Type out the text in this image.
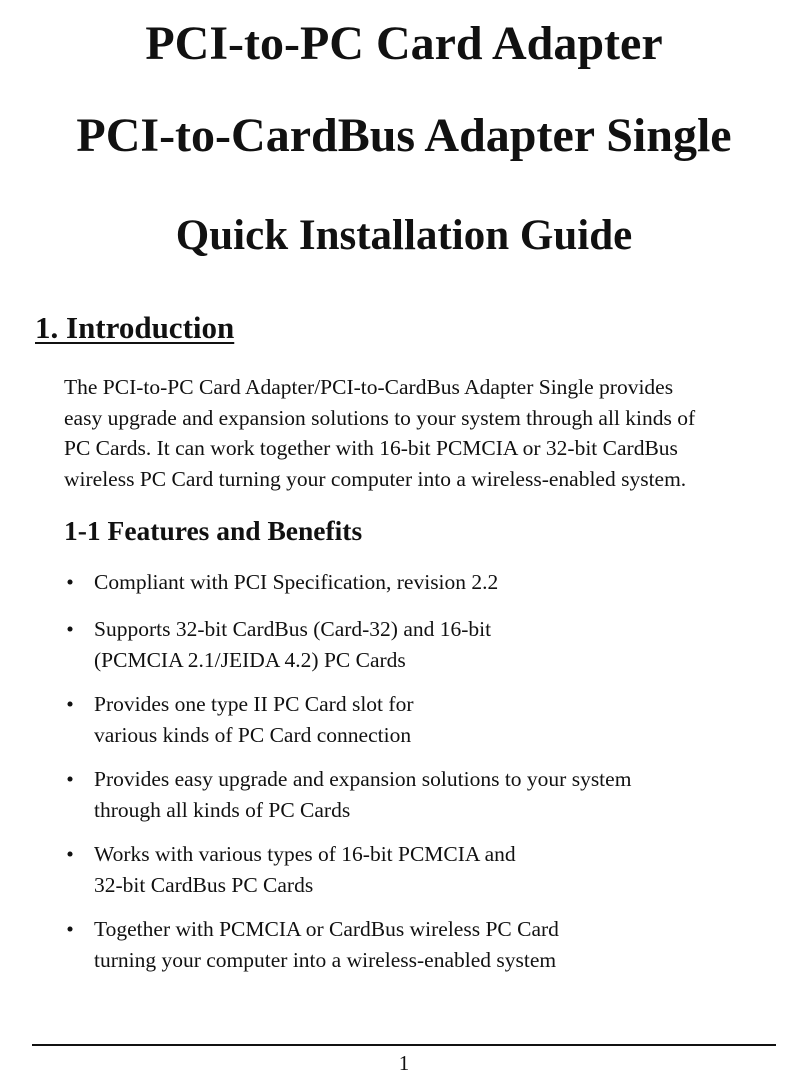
PCI-to-PC Card Adapter
PCI-to-CardBus Adapter Single
Quick Installation Guide
1. Introduction

The PCI-to-PC Card Adapter/PCI-to-CardBus Adapter Single provides
easy upgrade and expansion solutions to your system through all kinds of
PC Cards. It can work together with 16-bit PCMCIA or 32-bit CardBus
wireless PC Card turning your computer into a wireless-enabled system.

1-1 Features and Benefits
• Compliant with PCI Specification, revision 2.2
• Supports 32-bit CardBus (Card-32) and 16-bit
(PCMCIA 2.1/JEIDA 4.2) PC Cards
• Provides one type II PC Card slot for
various kinds of PC Card connection
• Provides easy upgrade and expansion solutions to your system
through all kinds of PC Cards
• Works with various types of 16-bit PCMCIA and
32-bit CardBus PC Cards
• Together with PCMCIA or CardBus wireless PC Card
turning your computer into a wireless-enabled system
1
